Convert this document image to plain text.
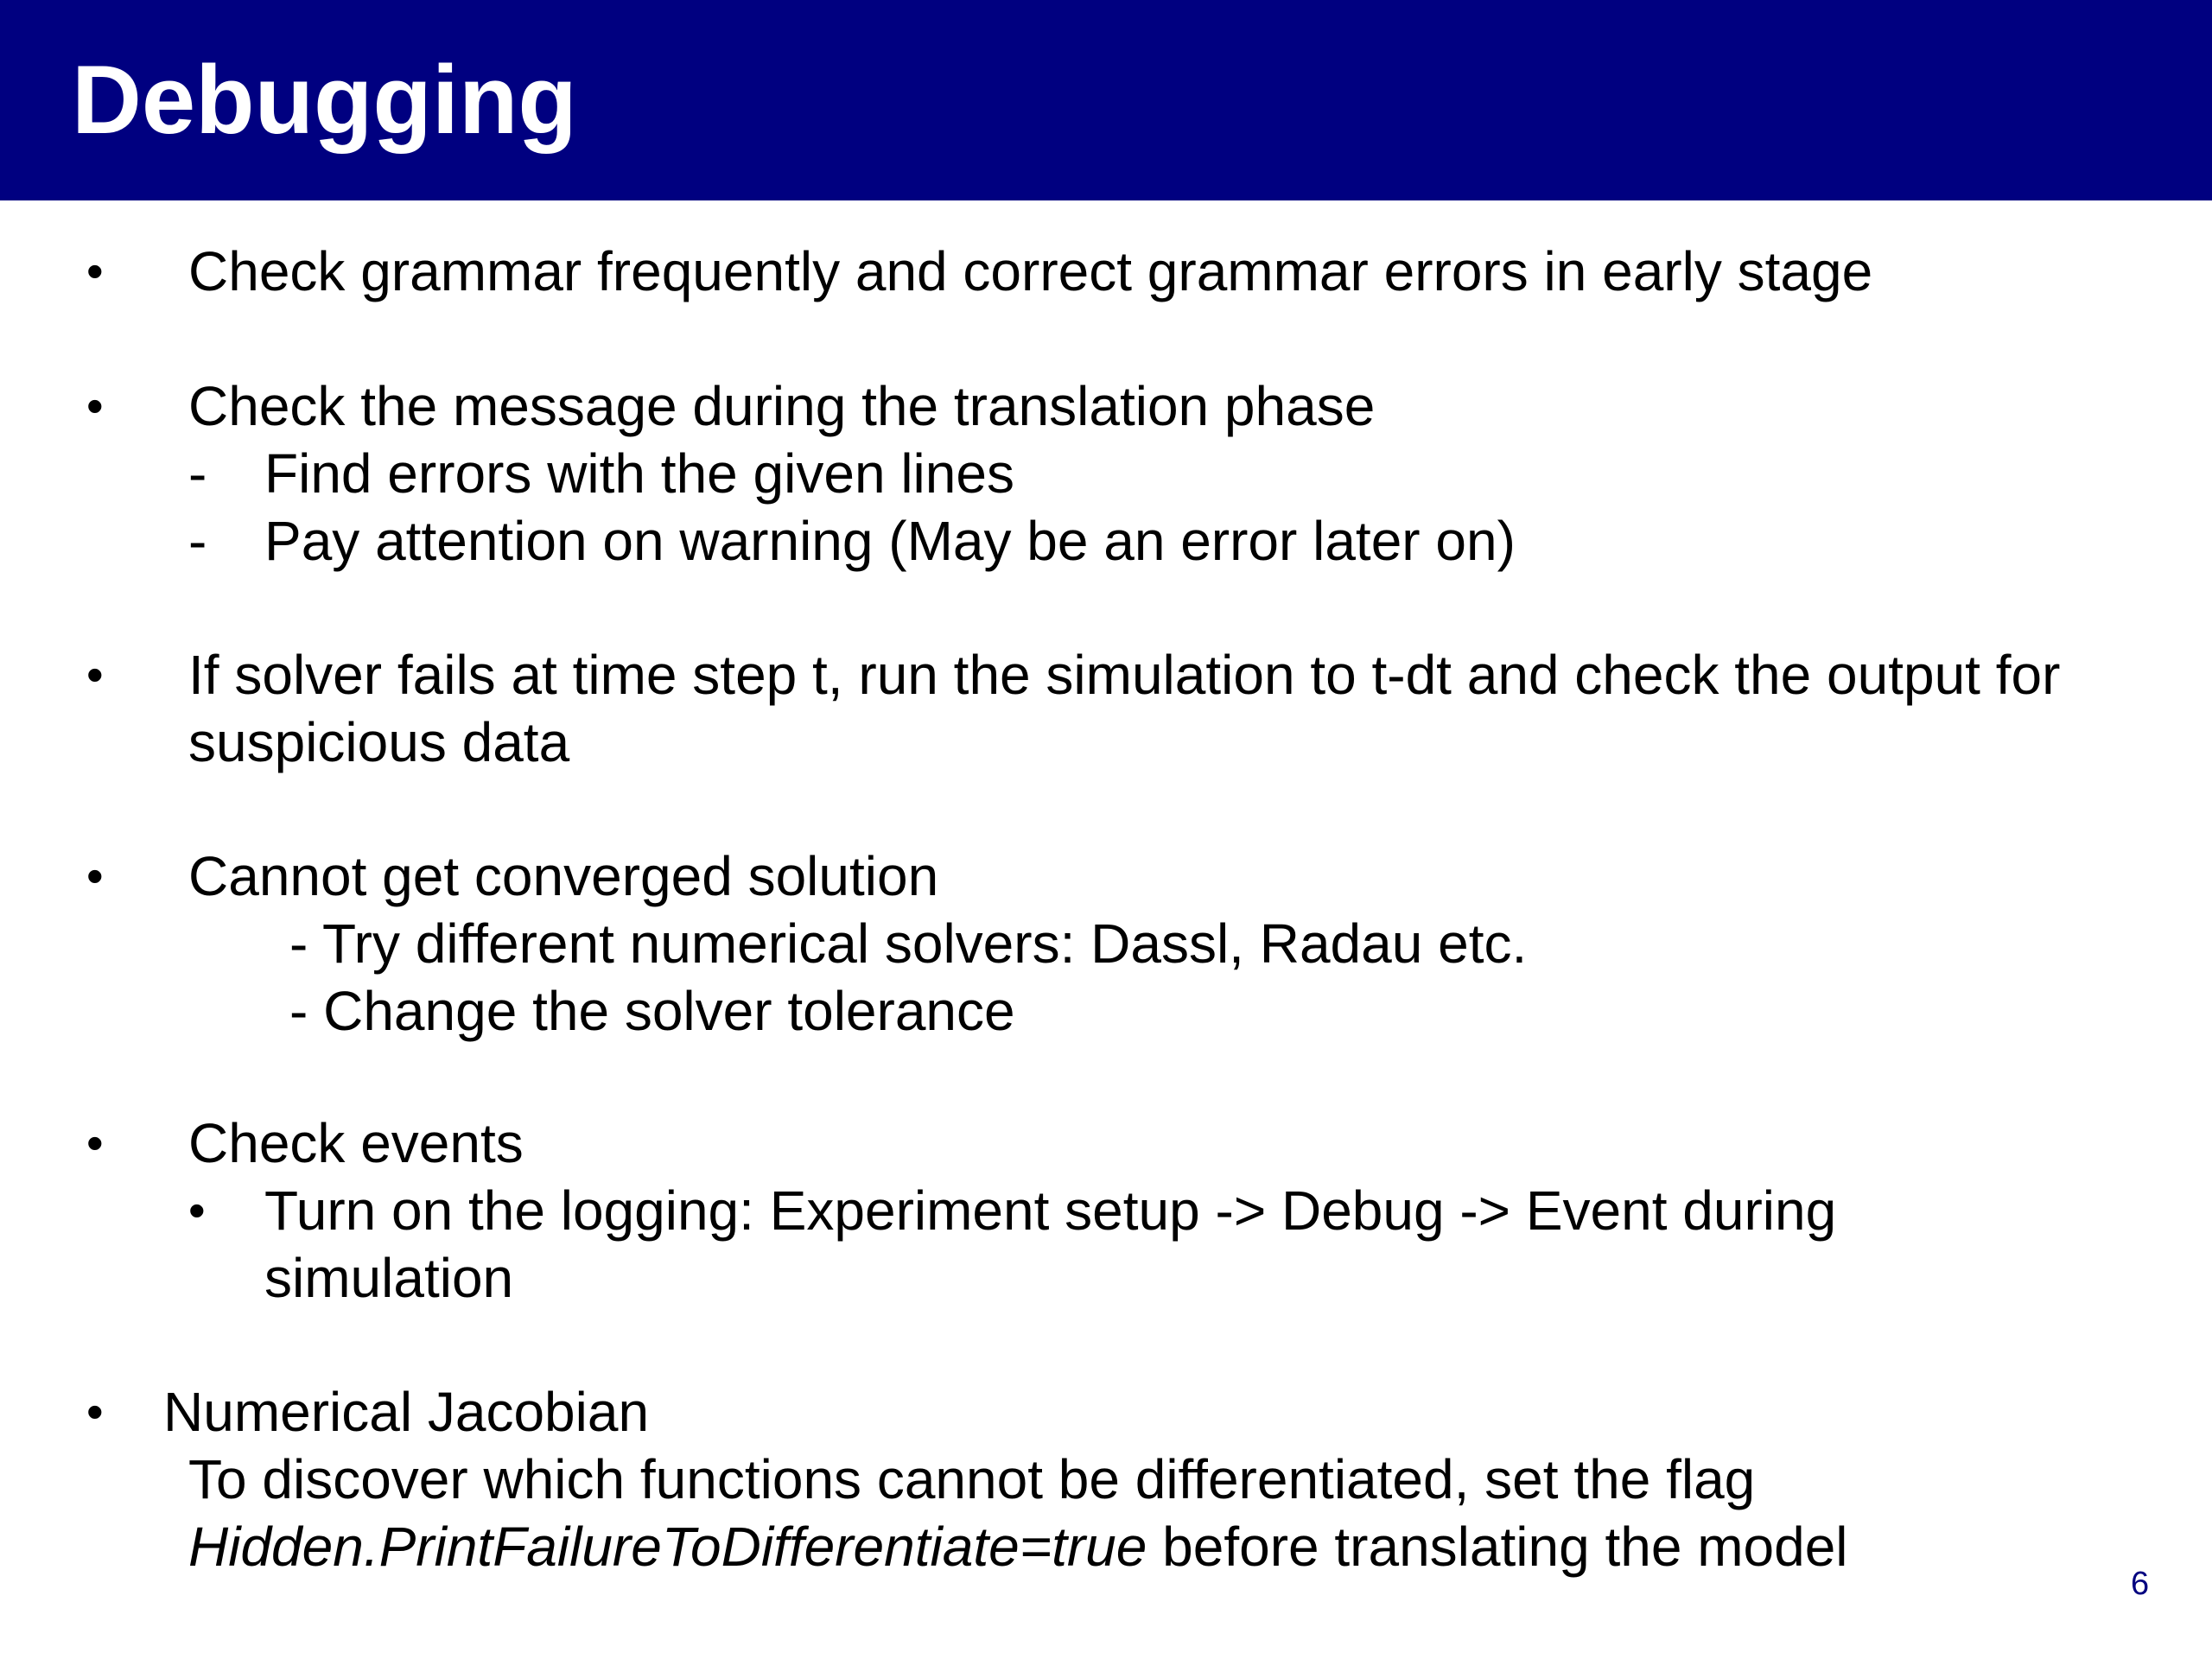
Debugging
• Check grammar frequently and correct grammar errors in early stage
• Check the message during the translation phase
- Find errors with the given lines
- Pay attention on warning (May be an error later on)
• If solver fails at time step t, run the simulation to t-dt and check the output for
suspicious data
• Cannot get converged solution
- Try different numerical solvers: Dassl, Radau etc.
- Change the solver tolerance
• Check events
• Turn on the logging: Experiment setup -> Debug -> Event during
simulation
• Numerical Jacobian
To discover which functions cannot be differentiated, set the flag
Hidden.PrintFailureToDifferentiate=true before translating the model
6
